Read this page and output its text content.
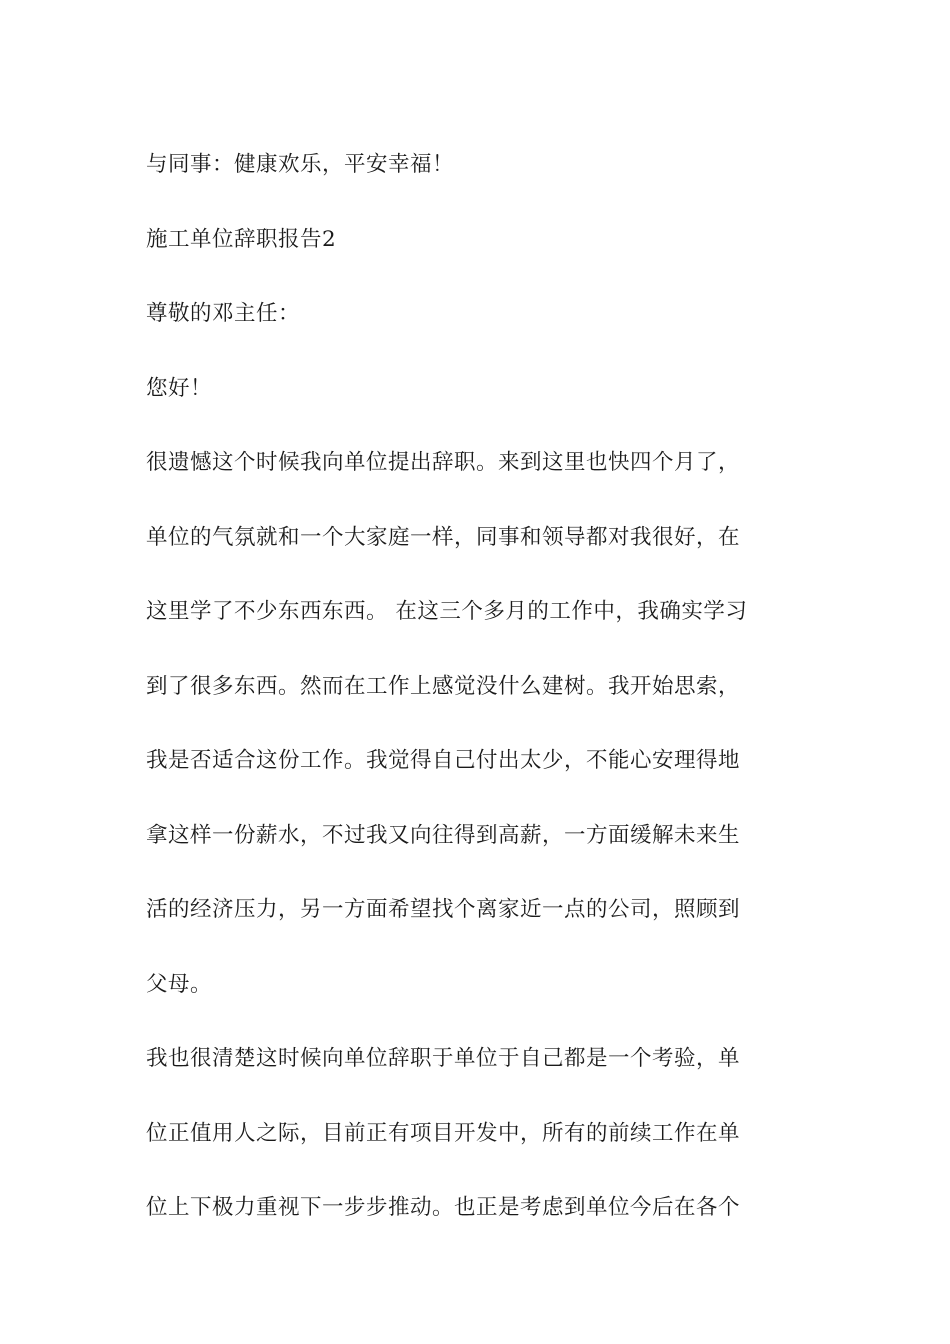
与同事：健康欢乐，平安幸福！
施工单位辞职报告2
尊敬的邓主任：
您好！
很遗憾这个时候我向单位提出辞职。来到这里也快四个月了，
单位的气氛就和一个大家庭一样，同事和领导都对我很好，在
这里学了不少东西东西。 在这三个多月的工作中，我确实学习
到了很多东西。然而在工作上感觉没什么建树。我开始思索，
我是否适合这份工作。我觉得自己付出太少，不能心安理得地
拿这样一份薪水，不过我又向往得到高薪，一方面缓解未来生
活的经济压力，另一方面希望找个离家近一点的公司，照顾到
父母。
我也很清楚这时候向单位辞职于单位于自己都是一个考验，单
位正值用人之际，目前正有项目开发中，所有的前续工作在单
位上下极力重视下一步步推动。也正是考虑到单位今后在各个
